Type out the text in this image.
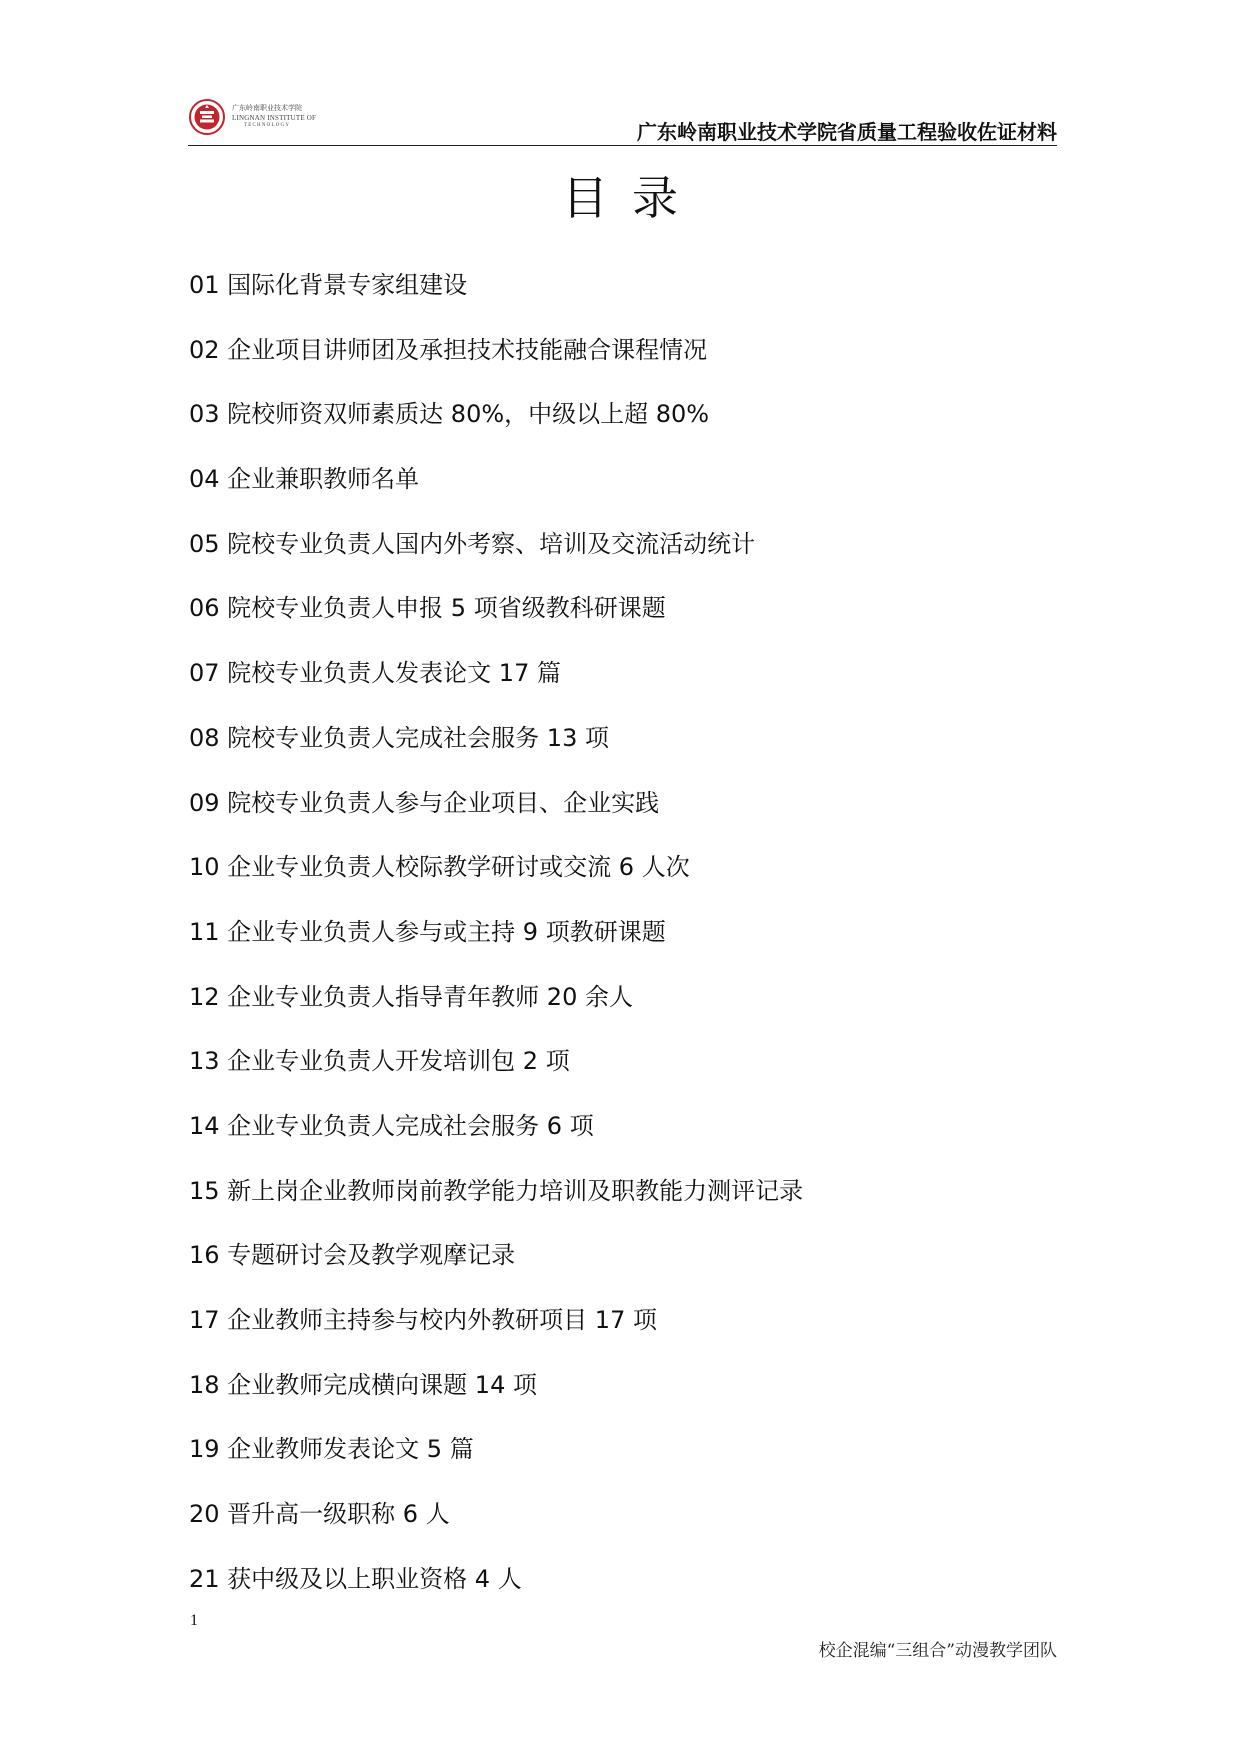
广东岭南职业技术学院
LINGNAN INSTITUTE OF
TECHNOLOGY	广东岭南职业技术学院省质量工程验收佐证材料
目录
01 国际化背景专家组建设
02 企业项目讲师团及承担技术技能融合课程情况
03 院校师资双师素质达 80%，中级以上超 80%
04 企业兼职教师名单
05 院校专业负责人国内外考察、培训及交流活动统计
06 院校专业负责人申报 5 项省级教科研课题
07 院校专业负责人发表论文 17 篇
08 院校专业负责人完成社会服务 13 项
09 院校专业负责人参与企业项目、企业实践
10 企业专业负责人校际教学研讨或交流 6 人次
11 企业专业负责人参与或主持 9 项教研课题
12 企业专业负责人指导青年教师 20 余人
13 企业专业负责人开发培训包 2 项
14 企业专业负责人完成社会服务 6 项
15 新上岗企业教师岗前教学能力培训及职教能力测评记录
16 专题研讨会及教学观摩记录
17 企业教师主持参与校内外教研项目 17 项
18 企业教师完成横向课题 14 项
19 企业教师发表论文 5 篇
20 晋升高一级职称 6 人
21 获中级及以上职业资格 4 人
1
校企混编“三组合”动漫教学团队
